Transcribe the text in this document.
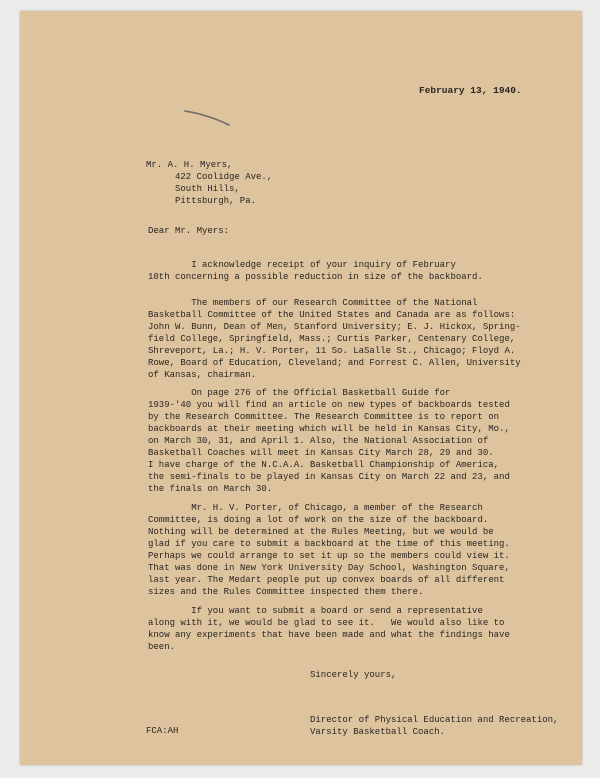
February 13, 1940.
Mr. A. H. Myers,
422 Coolidge Ave.,
South Hills,
Pittsburgh, Pa.
Dear Mr. Myers:
I acknowledge receipt of your inquiry of February
10th concerning a possible reduction in size of the backboard.
The members of our Research Committee of the National
Basketball Committee of the United States and Canada are as follows:
John W. Bunn, Dean of Men, Stanford University; E. J. Hickox, Spring-
field College, Springfield, Mass.; Curtis Parker, Centenary College,
Shreveport, La.; H. V. Porter, 11 So. LaSalle St., Chicago; Floyd A.
Rowe, Board of Education, Cleveland; and Forrest C. Allen, University
of Kansas, chairman.
On page 276 of the Official Basketball Guide for
1939-'40 you will find an article on new types of backboards tested
by the Research Committee. The Research Committee is to report on
backboards at their meeting which will be held in Kansas City, Mo.,
on March 30, 31, and April 1. Also, the National Association of
Basketball Coaches will meet in Kansas City March 28, 29 and 30.
I have charge of the N.C.A.A. Basketball Championship of America,
the semi-finals to be played in Kansas City on March 22 and 23, and
the finals on March 30.
Mr. H. V. Porter, of Chicago, a member of the Research
Committee, is doing a lot of work on the size of the backboard.
Nothing will be determined at the Rules Meeting, but we would be
glad if you care to submit a backboard at the time of this meeting.
Perhaps we could arrange to set it up so the members could view it.
That was done in New York University Day School, Washington Square,
last year. The Medart people put up convex boards of all different
sizes and the Rules Committee inspected them there.
If you want to submit a board or send a representative
along with it, we would be glad to see it.   We would also like to
know any experiments that have been made and what the findings have
been.
Sincerely yours,
FCA:AH
Director of Physical Education and Recreation,
Varsity Basketball Coach.
